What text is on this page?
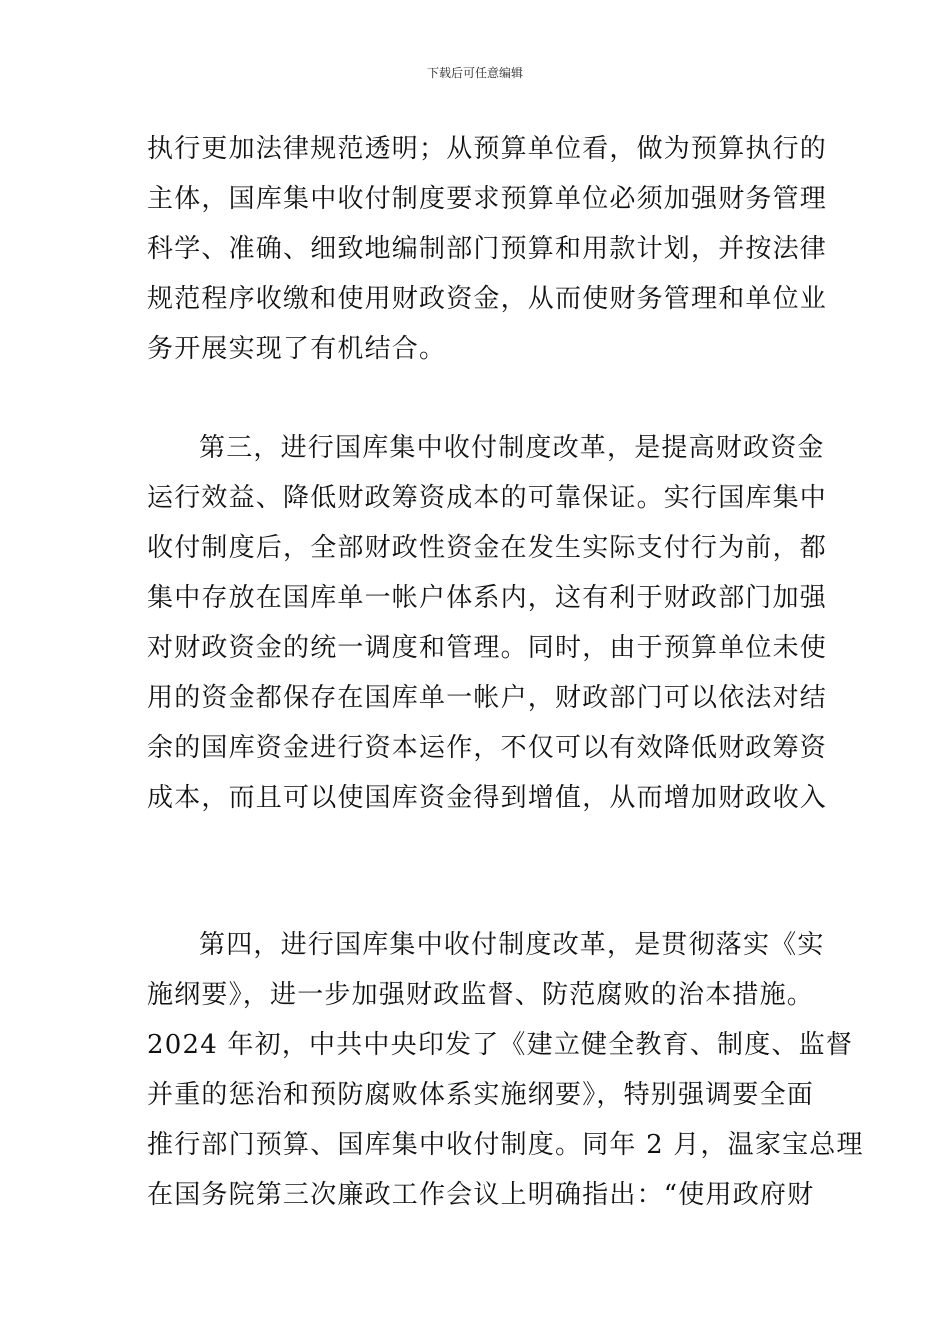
下载后可任意编辑
执行更加法律规范透明；从预算单位看，做为预算执行的
主体，国库集中收付制度要求预算单位必须加强财务管理
科学、准确、细致地编制部门预算和用款计划，并按法律
规范程序收缴和使用财政资金，从而使财务管理和单位业
务开展实现了有机结合。
第三，进行国库集中收付制度改革，是提高财政资金
运行效益、降低财政筹资成本的可靠保证。实行国库集中
收付制度后，全部财政性资金在发生实际支付行为前，都
集中存放在国库单一帐户体系内，这有利于财政部门加强
对财政资金的统一调度和管理。同时，由于预算单位未使
用的资金都保存在国库单一帐户，财政部门可以依法对结
余的国库资金进行资本运作，不仅可以有效降低财政筹资
成本，而且可以使国库资金得到增值，从而增加财政收入
第四，进行国库集中收付制度改革，是贯彻落实《实
施纲要》，进一步加强财政监督、防范腐败的治本措施。
2024 年初，中共中央印发了《建立健全教育、制度、监督
并重的惩治和预防腐败体系实施纲要》，特别强调要全面
推行部门预算、国库集中收付制度。同年 2 月，温家宝总理
在国务院第三次廉政工作会议上明确指出：“使用政府财
